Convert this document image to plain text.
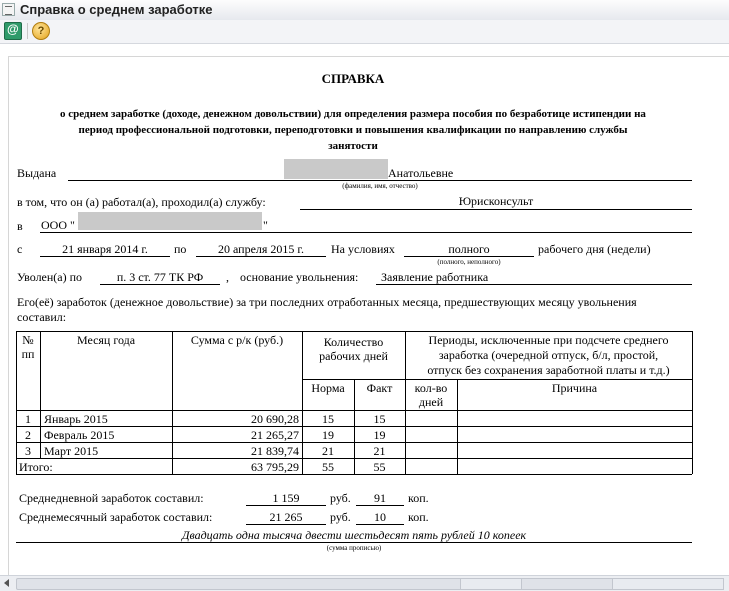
Справка о среднем заработке
@
?
СПРАВКА
о среднем заработке (доходе, денежном довольствии) для определения размера пособия по безработице истипендии на
период профессиональной подготовки, переподготовки и повышения квалификации по направлению службы
занятости
Выдана	Анатольевне
(фамилия, имя, отчество)
в том, что он (а) работал(а), проходил(а) службу:	Юрисконсульт
в ООО "	"
с	21 января 2014 г.	по	20 апреля 2015 г.	На условиях	полного
(полного, неполного)
рабочего дня (недели)
Уволен(а) по	п. 3 ст. 77 ТК РФ	, основание увольнения: Заявление работника
Его(её) заработок (денежное довольствие) за три последних отработанных месяца, предшествующих месяцу увольнения
составил:
№
пп
Месяц года	Сумма с р/к (руб.)	Количество
рабочих дней
Периоды, исключенные при подсчете среднего
заработка (очередной отпуск, б/л, простой,
отпуск без сохранения заработной платы и т.д.)
Норма	Факт	кол-во
дней
Причина
1	Январь 2015	20 690,28	15	15
2	Февраль 2015	21 265,27	19	19
3	Март 2015	21 839,74	21	21
Итого:	63 795,29	55	55
Среднедневной заработок составил:	1 159	руб.	91	коп.
Среднемесячный заработок составил:	21 265	руб.	10	коп.
Двадцать одна тысяча двести шестьдесят пять рублей 10 копеек
(сумма прописью)
